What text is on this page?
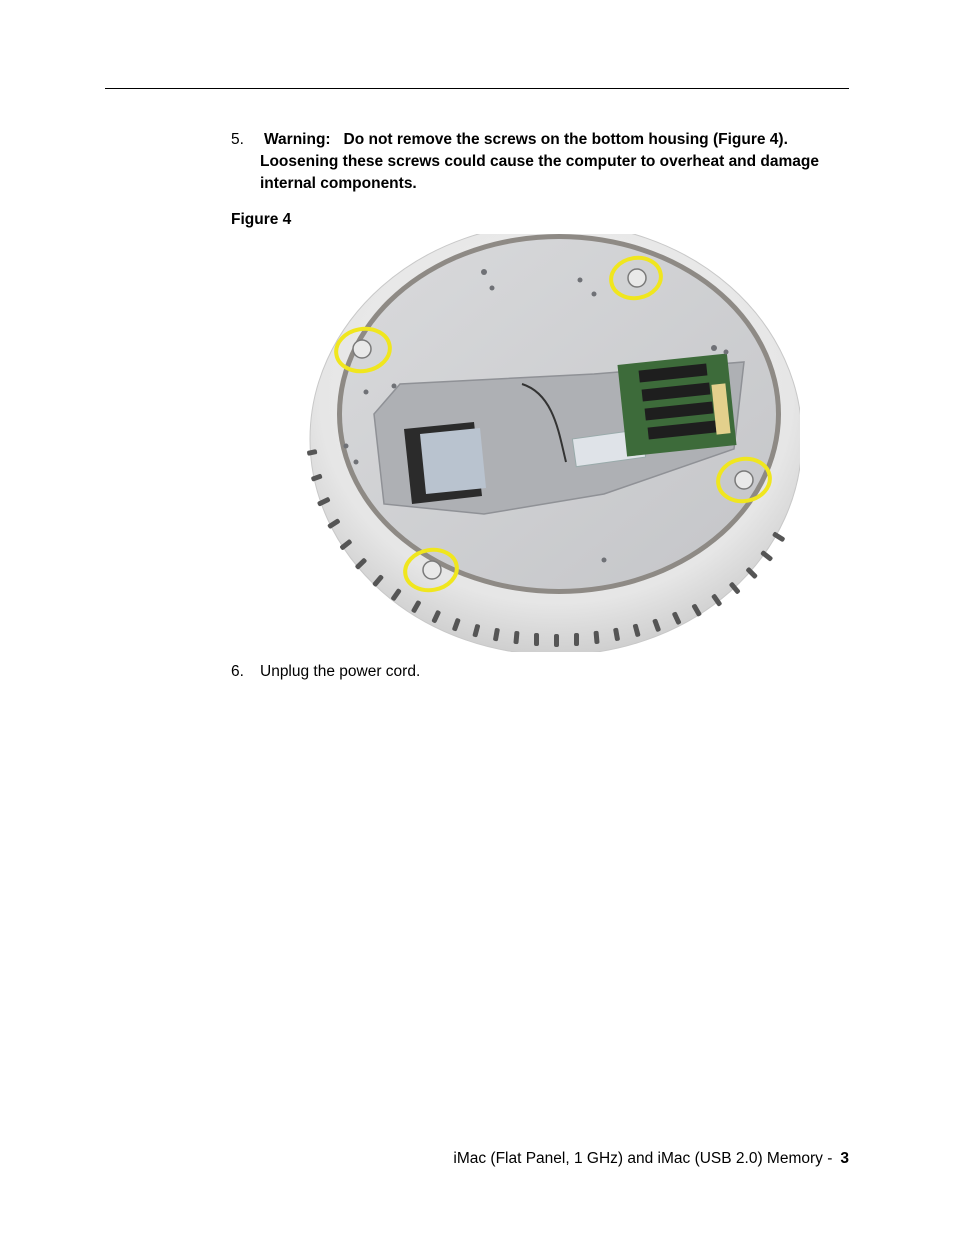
5. Warning: Do not remove the screws on the bottom housing (Figure 4).
Loosening these screws could cause the computer to overheat and damage
internal components.
Figure 4
6. Unplug the power cord.
iMac (Flat Panel, 1 GHz) and iMac (USB 2.0) Memory - 3
